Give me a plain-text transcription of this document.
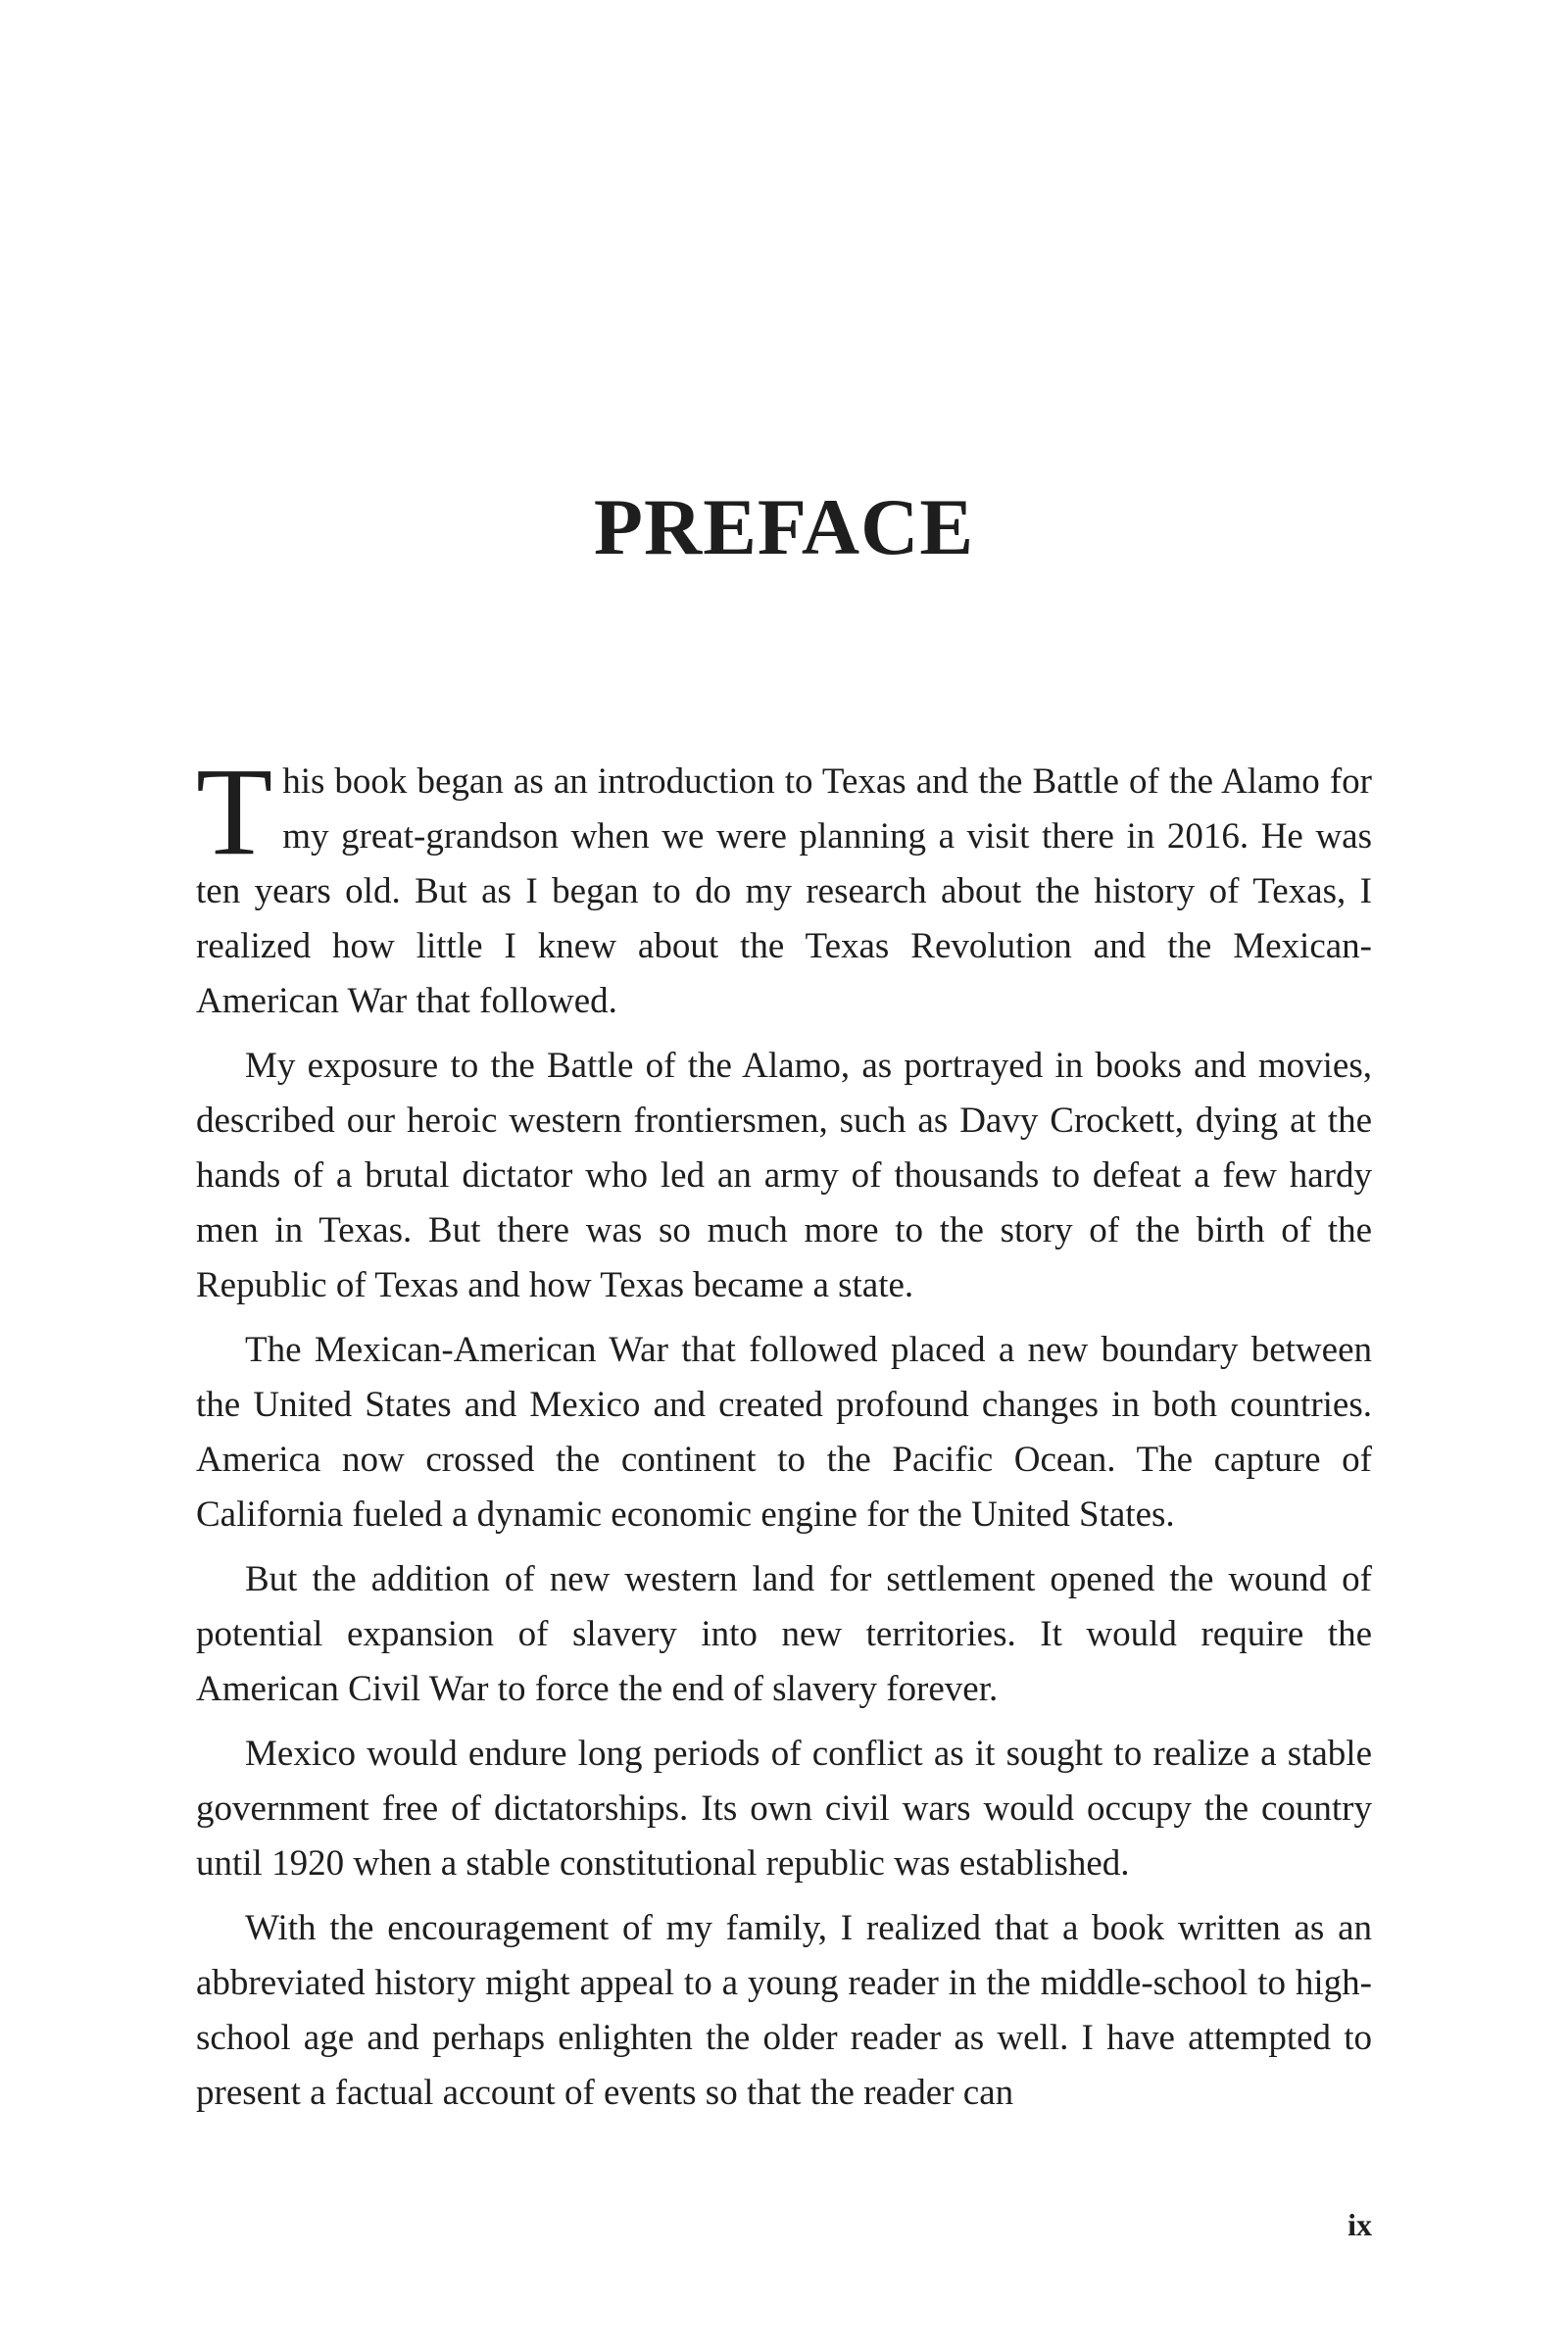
PREFACE

This book began as an introduction to Texas and the Battle of the Alamo for my great-grandson when we were planning a visit there in 2016. He was ten years old. But as I began to do my research about the history of Texas, I realized how little I knew about the Texas Revolution and the Mexican-American War that followed.

My exposure to the Battle of the Alamo, as portrayed in books and movies, described our heroic western frontiersmen, such as Davy Crockett, dying at the hands of a brutal dictator who led an army of thousands to defeat a few hardy men in Texas. But there was so much more to the story of the birth of the Republic of Texas and how Texas became a state.

The Mexican-American War that followed placed a new boundary between the United States and Mexico and created profound changes in both countries. America now crossed the continent to the Pacific Ocean. The capture of California fueled a dynamic economic engine for the United States.

But the addition of new western land for settlement opened the wound of potential expansion of slavery into new territories. It would require the American Civil War to force the end of slavery forever.

Mexico would endure long periods of conflict as it sought to realize a stable government free of dictatorships. Its own civil wars would occupy the country until 1920 when a stable constitutional republic was established.

With the encouragement of my family, I realized that a book written as an abbreviated history might appeal to a young reader in the middle-school to high-school age and perhaps enlighten the older reader as well. I have attempted to present a factual account of events so that the reader can

ix
